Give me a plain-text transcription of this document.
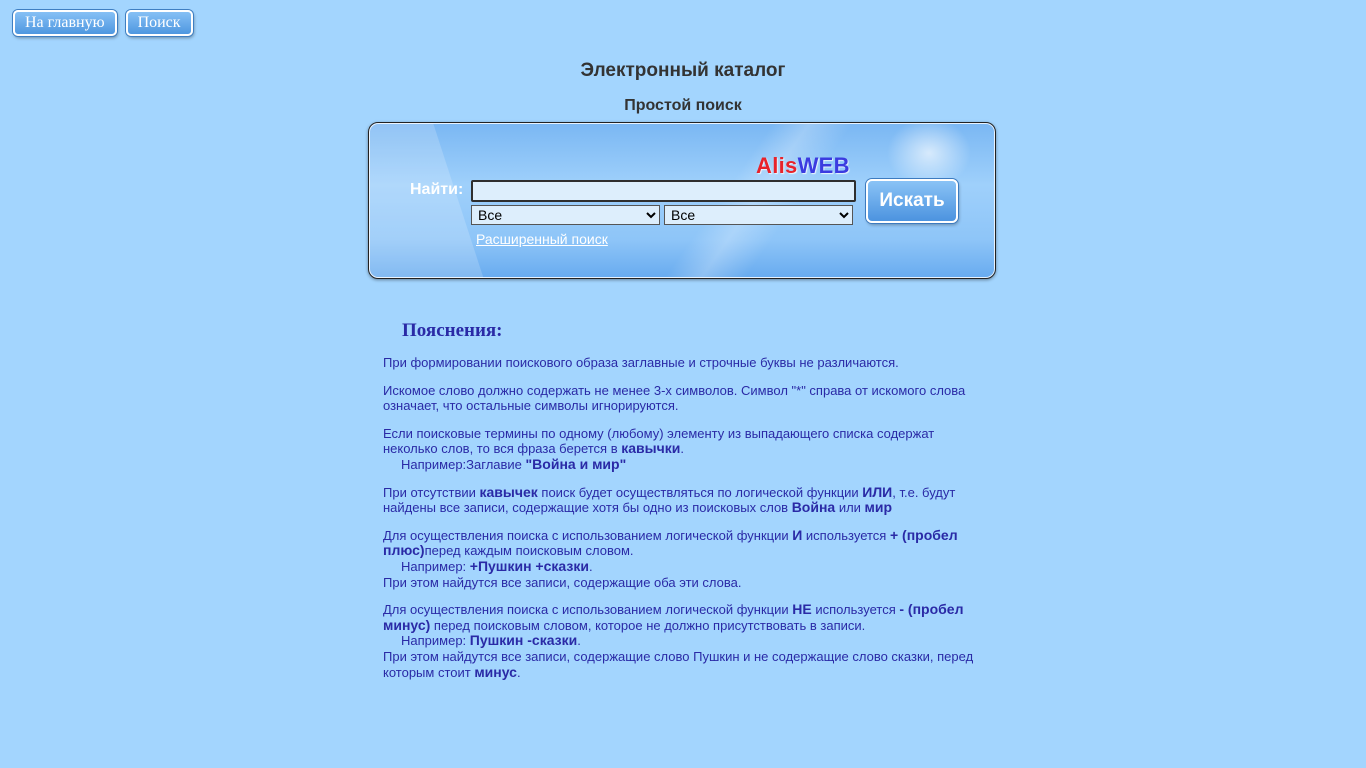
На главную	Поиск
Электронный каталог
Простой поиск
AlisWEB
Найти:
Все
Все
Расширенный поиск
Искать
Пояснения:

При формировании поискового образа заглавные и строчные буквы не различаются.

Искомое слово должно содержать не менее 3-х символов. Символ "*" справа от искомого слова означает, что остальные символы игнорируются.

Если поисковые термины по одному (любому) элементу из выпадающего списка содержат неколько слов, то вся фраза берется в кавычки.
Например:Заглавие "Война и мир"

При отсутствии кавычек поиск будет осуществляться по логической функции ИЛИ, т.е. будут найдены все записи, содержащие хотя бы одно из поисковых слов Война или мир

Для осуществления поиска с использованием логической функции И используется + (пробел плюс)перед каждым поисковым словом.
Например: +Пушкин +сказки.
При этом найдутся все записи, содержащие оба эти слова.

Для осуществления поиска с использованием логической функции НЕ используется - (пробел минус) перед поисковым словом, которое не должно присутствовать в записи.
Например: Пушкин -сказки.
При этом найдутся все записи, содержащие слово Пушкин и не содержащие слово сказки, перед которым стоит минус.
